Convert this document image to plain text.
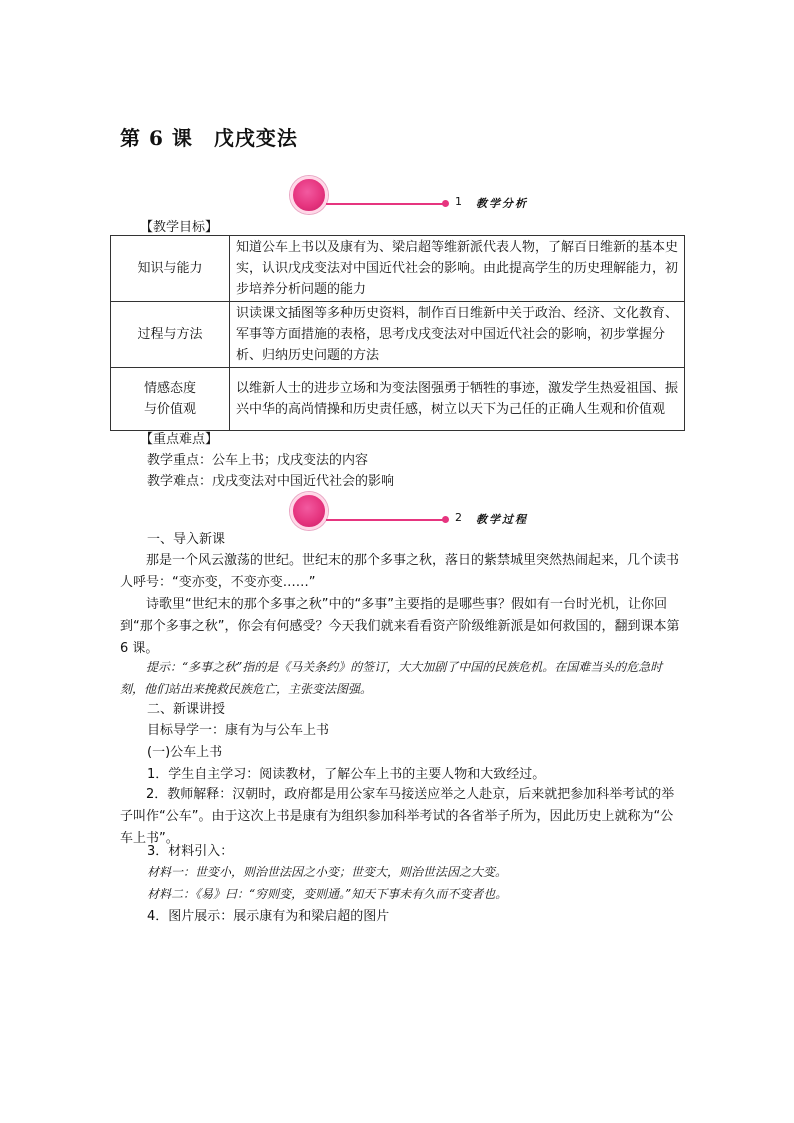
第 6 课　戊戌变法
1 教学分析

【教学目标】

知识与能力	知道公车上书以及康有为、梁启超等维新派代表人物，了解百日维新的基本史实，认识戊戌变法对中国近代社会的影响。由此提高学生的历史理解能力，初步培养分析问题的能力
过程与方法	识读课文插图等多种历史资料，制作百日维新中关于政治、经济、文化教育、军事等方面措施的表格，思考戊戌变法对中国近代社会的影响，初步掌握分析、归纳历史问题的方法
情感态度
与价值观	以维新人士的进步立场和为变法图强勇于牺牲的事迹，激发学生热爱祖国、振兴中华的高尚情操和历史责任感，树立以天下为己任的正确人生观和价值观

【重点难点】

教学重点：公车上书；戊戌变法的内容

教学难点：戊戌变法对中国近代社会的影响

2 教学过程

一、导入新课

那是一个风云激荡的世纪。世纪末的那个多事之秋，落日的紫禁城里突然热闹起来，几个读书人呼号：“变亦变，不变亦变……”

诗歌里“世纪末的那个多事之秋”中的“多事”主要指的是哪些事？假如有一台时光机，让你回到“那个多事之秋”，你会有何感受？今天我们就来看看资产阶级维新派是如何救国的，翻到课本第 6 课。

提示：“多事之秋”指的是《马关条约》的签订，大大加剧了中国的民族危机。在国难当头的危急时刻，他们站出来挽救民族危亡，主张变法图强。

二、新课讲授

目标导学一：康有为与公车上书

(一)公车上书

1．学生自主学习：阅读教材，了解公车上书的主要人物和大致经过。

2．教师解释：汉朝时，政府都是用公家车马接送应举之人赴京，后来就把参加科举考试的举子叫作“公车”。由于这次上书是康有为组织参加科举考试的各省举子所为，因此历史上就称为“公车上书”。

3．材料引入：

材料一：世变小，则治世法因之小变；世变大，则治世法因之大变。

材料二：《易》曰：“穷则变，变则通。”知天下事未有久而不变者也。

4．图片展示：展示康有为和梁启超的图片
